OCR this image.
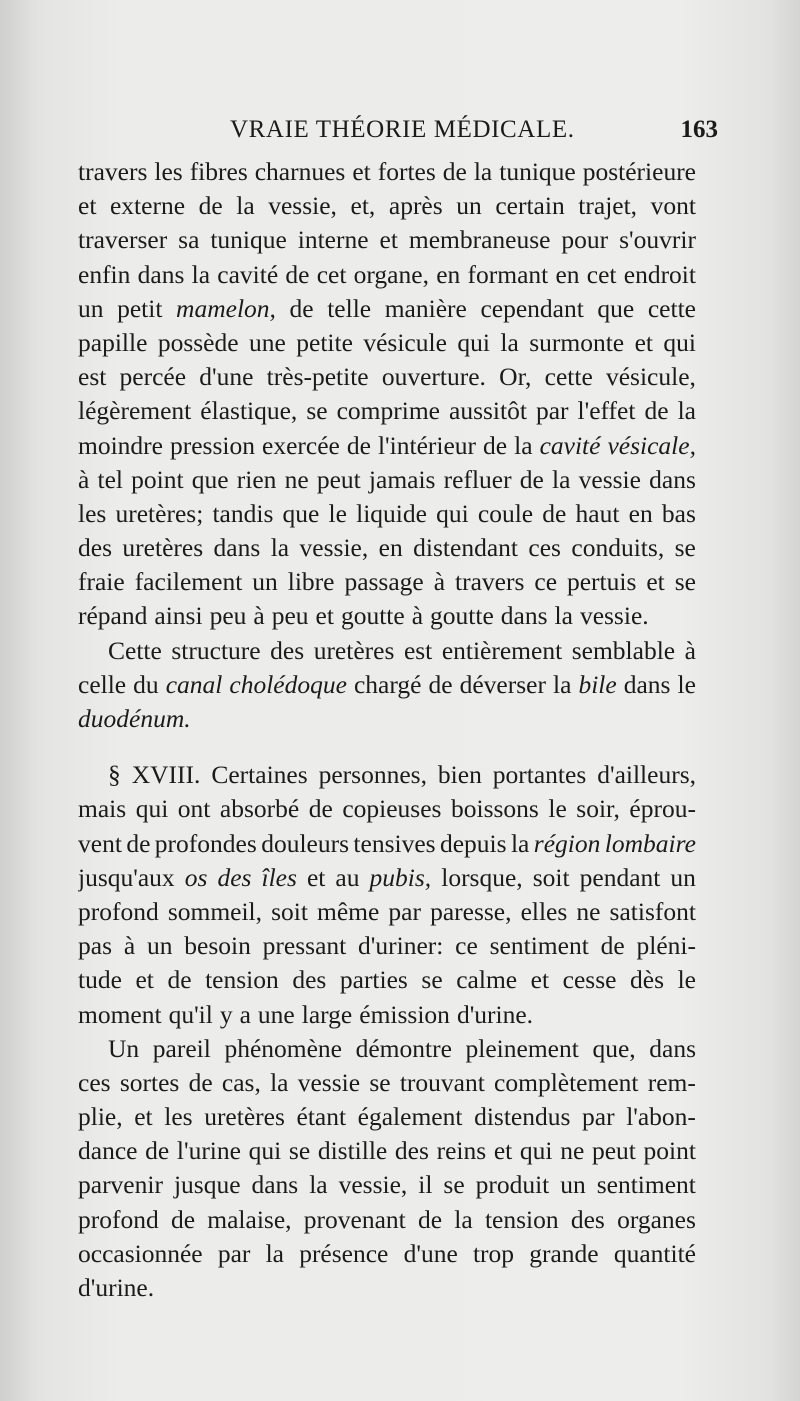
VRAIE THÉORIE MÉDICALE.	163
travers les fibres charnues et fortes de la tunique postérieure
et externe de la vessie, et, après un certain trajet, vont
traverser sa tunique interne et membraneuse pour s'ouvrir
enfin dans la cavité de cet organe, en formant en cet endroit
un petit mamelon, de telle manière cependant que cette
papille possède une petite vésicule qui la surmonte et qui
est percée d'une très-petite ouverture. Or, cette vésicule,
légèrement élastique, se comprime aussitôt par l'effet de la
moindre pression exercée de l'intérieur de la cavité vésicale,
à tel point que rien ne peut jamais refluer de la vessie dans
les uretères; tandis que le liquide qui coule de haut en bas
des uretères dans la vessie, en distendant ces conduits, se
fraie facilement un libre passage à travers ce pertuis et se
répand ainsi peu à peu et goutte à goutte dans la vessie.
Cette structure des uretères est entièrement semblable à
celle du canal cholédoque chargé de déverser la bile dans le
duodénum.
§ XVIII. Certaines personnes, bien portantes d'ailleurs,
mais qui ont absorbé de copieuses boissons le soir, éprou-
vent de profondes douleurs tensives depuis la région lombaire
jusqu'aux os des îles et au pubis, lorsque, soit pendant un
profond sommeil, soit même par paresse, elles ne satisfont
pas à un besoin pressant d'uriner: ce sentiment de pléni-
tude et de tension des parties se calme et cesse dès le
moment qu'il y a une large émission d'urine.
Un pareil phénomène démontre pleinement que, dans
ces sortes de cas, la vessie se trouvant complètement rem-
plie, et les uretères étant également distendus par l'abon-
dance de l'urine qui se distille des reins et qui ne peut point
parvenir jusque dans la vessie, il se produit un sentiment
profond de malaise, provenant de la tension des organes
occasionnée par la présence d'une trop grande quantité
d'urine.
